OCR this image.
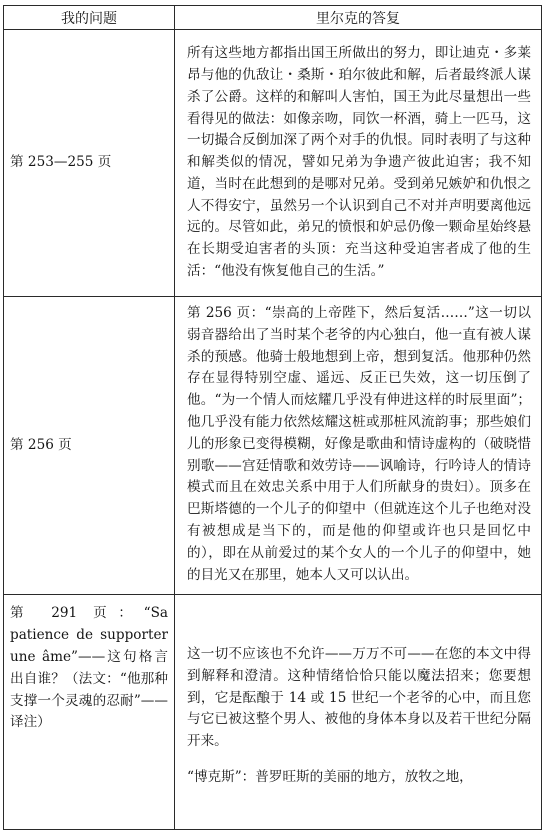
我的问题	里尔克的答复
第 253—255 页	所有这些地方都指出国王所做出的努力，即让迪克・多莱昂与他的仇敌让・桑斯・珀尔彼此和解，后者最终派人谋杀了公爵。这样的和解叫人害怕，国王为此尽量想出一些看得见的做法：如像亲吻，同饮一杯酒，骑上一匹马，这一切撮合反倒加深了两个对手的仇恨。同时表明了与这种和解类似的情况，譬如兄弟为争遗产彼此迫害；我不知道，当时在此想到的是哪对兄弟。受到弟兄嫉妒和仇恨之人不得安宁，虽然另一个认识到自己不对并声明要离他远远的。尽管如此，弟兄的愤恨和妒忌仍像一颗命星始终悬在长期受迫害者的头顶：充当这种受迫害者成了他的生活：“他没有恢复他自己的生活。”

第 256 页	第 256 页：“崇高的上帝陛下，然后复活……”这一切以弱音器给出了当时某个老爷的内心独白，他一直有被人谋杀的预感。他骑士般地想到上帝，想到复活。他那种仍然存在显得特别空虚、遥远、反正已失效，这一切压倒了他。“为一个情人而炫耀几乎没有伸进这样的时辰里面”；他几乎没有能力依然炫耀这桩或那桩风流韵事；那些娘们儿的形象已变得模糊，好像是歌曲和情诗虚构的（破晓惜别歌——宫廷情歌和效劳诗——讽喻诗，行吟诗人的情诗模式而且在效忠关系中用于人们所献身的贵妇）。顶多在巴斯塔德的一个儿子的仰望中（但就连这个儿子也绝对没有被想成是当下的，而是他的仰望或许也只是回忆中的），即在从前爱过的某个女人的一个儿子的仰望中，她的目光又在那里，她本人又可以认出。

第 291 页：“Sa patience de supporter une âme”——这句格言出自谁？（法文：“他那种支撑一个灵魂的忍耐”——译注）	这一切不应该也不允许——万万不可——在您的本文中得到解释和澄清。这种情绪恰恰只能以魔法招来；您要想到，它是酝酿于 14 或 15 世纪一个老爷的心中，而且您与它已被这整个男人、被他的身体本身以及若干世纪分隔开来。

“博克斯”：普罗旺斯的美丽的地方，放牧之地，
